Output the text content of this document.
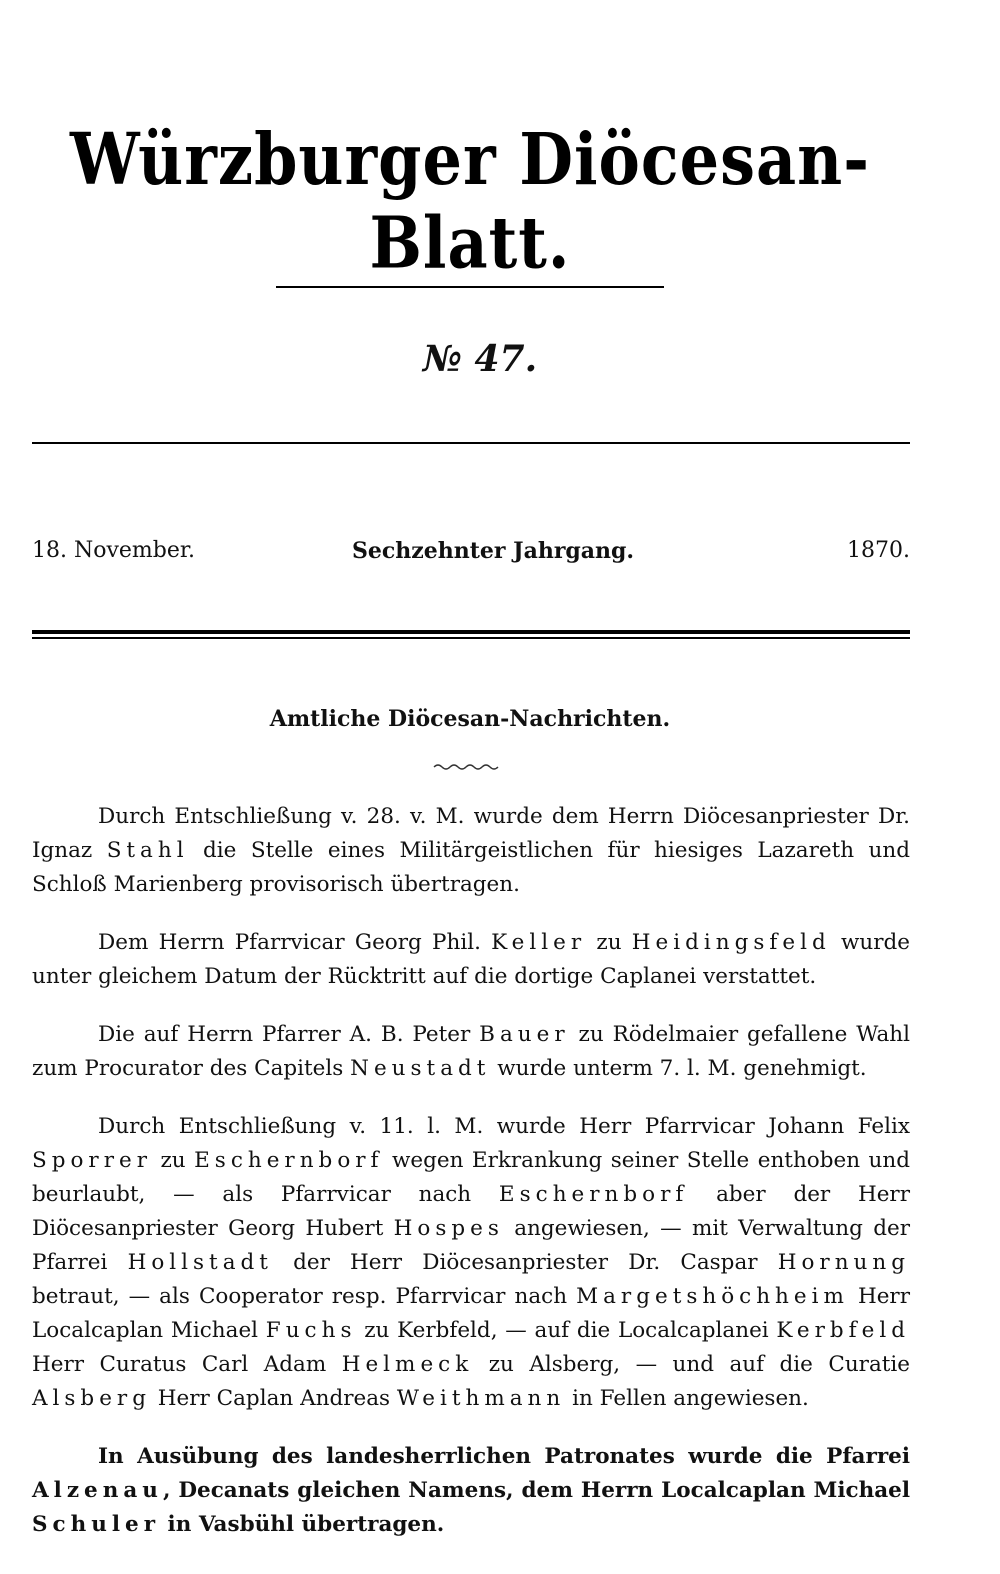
Würzburger Diöcesan-Blatt.
№ 47.
18. November.	Sechzehnter Jahrgang.	1870.
Amtliche Diöcesan-Nachrichten.

Durch Entschließung v. 28. v. M. wurde dem Herrn Diöcesanpriester Dr. Ignaz Stahl die Stelle eines Militärgeistlichen für hiesiges Lazareth und Schloß Marienberg provisorisch übertragen.

Dem Herrn Pfarrvicar Georg Phil. Keller zu Heidingsfeld wurde unter gleichem Datum der Rücktritt auf die dortige Caplanei verstattet.

Die auf Herrn Pfarrer A. B. Peter Bauer zu Rödelmaier gefallene Wahl zum Procurator des Capitels Neustadt wurde unterm 7. l. M. genehmigt.

Durch Entschließung v. 11. l. M. wurde Herr Pfarrvicar Johann Felix Sporrer zu Eschernborf wegen Erkrankung seiner Stelle enthoben und beurlaubt, — als Pfarrvicar nach Eschernborf aber der Herr Diöcesanpriester Georg Hubert Hospes angewiesen, — mit Verwaltung der Pfarrei Hollstadt der Herr Diöcesanpriester Dr. Caspar Hornung betraut, — als Cooperator resp. Pfarrvicar nach Margetshöchheim Herr Localcaplan Michael Fuchs zu Kerbfeld, — auf die Localcaplanei Kerbfeld Herr Curatus Carl Adam Helmeck zu Alsberg, — und auf die Curatie Alsberg Herr Caplan Andreas Weithmann in Fellen angewiesen.

In Ausübung des landesherrlichen Patronates wurde die Pfarrei Alzenau, Decanats gleichen Namens, dem Herrn Localcaplan Michael Schuler in Vasbühl übertragen.
